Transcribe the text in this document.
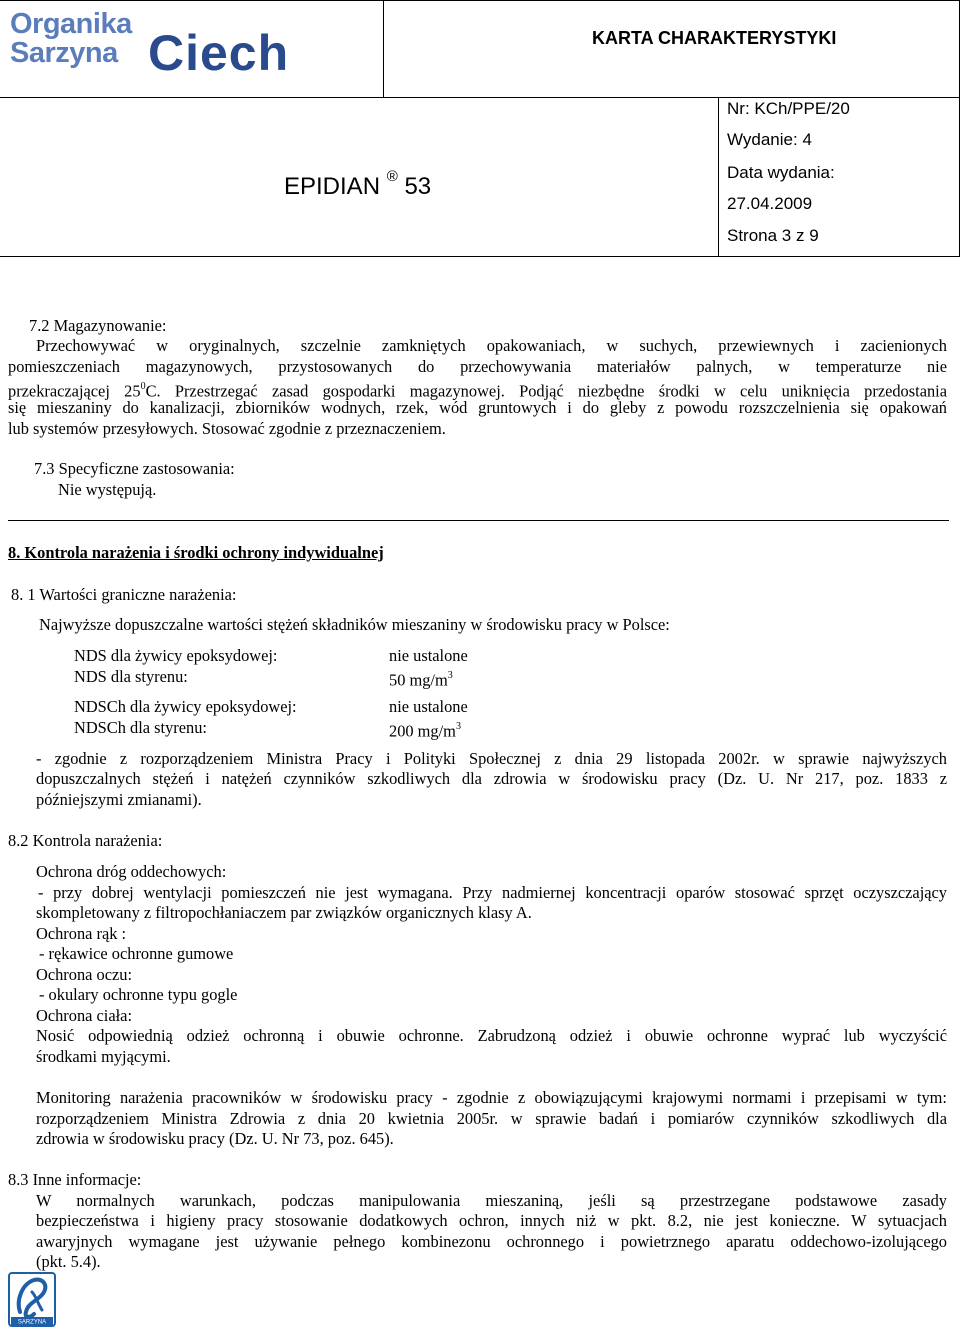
Organika
Sarzyna Ciech	KARTA CHARAKTERYSTYKI
EPIDIAN ® 53
Nr: KCh/PPE/20
Wydanie: 4
Data wydania:
27.04.2009
Strona 3 z 9
7.2 Magazynowanie:
Przechowywać w oryginalnych, szczelnie zamkniętych opakowaniach, w suchych, przewiewnych i zacienionych
pomieszczeniach magazynowych, przystosowanych do przechowywania materiałów palnych, w temperaturze nie
przekraczającej $25^0C$. Przestrzegać zasad gospodarki magazynowej. Podjąć niezbędne środki w celu uniknięcia przedostania
się mieszaniny do kanalizacji, zbiorników wodnych, rzek, wód gruntowych i do gleby z powodu rozszczelnienia się opakowań
lub systemów przesyłowych. Stosować zgodnie z przeznaczeniem.
7.3 Specyficzne zastosowania:
Nie występują.
8. Kontrola narażenia i środki ochrony indywidualnej
8. 1 Wartości graniczne narażenia:
Najwyższe dopuszczalne wartości stężeń składników mieszaniny w środowisku pracy w Polsce:
NDS dla żywicy epoksydowej:	nie ustalone
NDS dla styrenu:	50 $mg/m^3$
NDSCh dla żywicy epoksydowej:	nie ustalone
NDSCh dla styrenu:	200 $mg/m^3$
- zgodnie z rozporządzeniem Ministra Pracy i Polityki Społecznej z dnia 29 listopada 2002r. w sprawie najwyższych
dopuszczalnych stężeń i natężeń czynników szkodliwych dla zdrowia w środowisku pracy (Dz. U. Nr 217, poz. 1833 z
późniejszymi zmianami).
8.2 Kontrola narażenia:
Ochrona dróg oddechowych:
- przy dobrej wentylacji pomieszczeń nie jest wymagana. Przy nadmiernej koncentracji oparów stosować sprzęt oczyszczający
skompletowany z filtropochłaniaczem par związków organicznych klasy A.
Ochrona rąk :
- rękawice ochronne gumowe
Ochrona oczu:
- okulary ochronne typu gogle
Ochrona ciała:
Nosić odpowiednią odzież ochronną i obuwie ochronne. Zabrudzoną odzież i obuwie ochronne wyprać lub wyczyścić
środkami myjącymi.
Monitoring narażenia pracowników w środowisku pracy - zgodnie z obowiązującymi krajowymi normami i przepisami w tym:
rozporządzeniem Ministra Zdrowia z dnia 20 kwietnia 2005r. w sprawie badań i pomiarów czynników szkodliwych dla
zdrowia w środowisku pracy (Dz. U. Nr 73, poz. 645).
8.3 Inne informacje:
W normalnych warunkach, podczas manipulowania mieszaniną, jeśli są przestrzegane podstawowe zasady
bezpieczeństwa i higieny pracy stosowanie dodatkowych ochron, innych niż w pkt. 8.2, nie jest konieczne. W sytuacjach
awaryjnych wymagane jest używanie pełnego kombinezonu ochronnego i powietrznego aparatu oddechowo-izolującego
(pkt. 5.4).
SARZYNA
